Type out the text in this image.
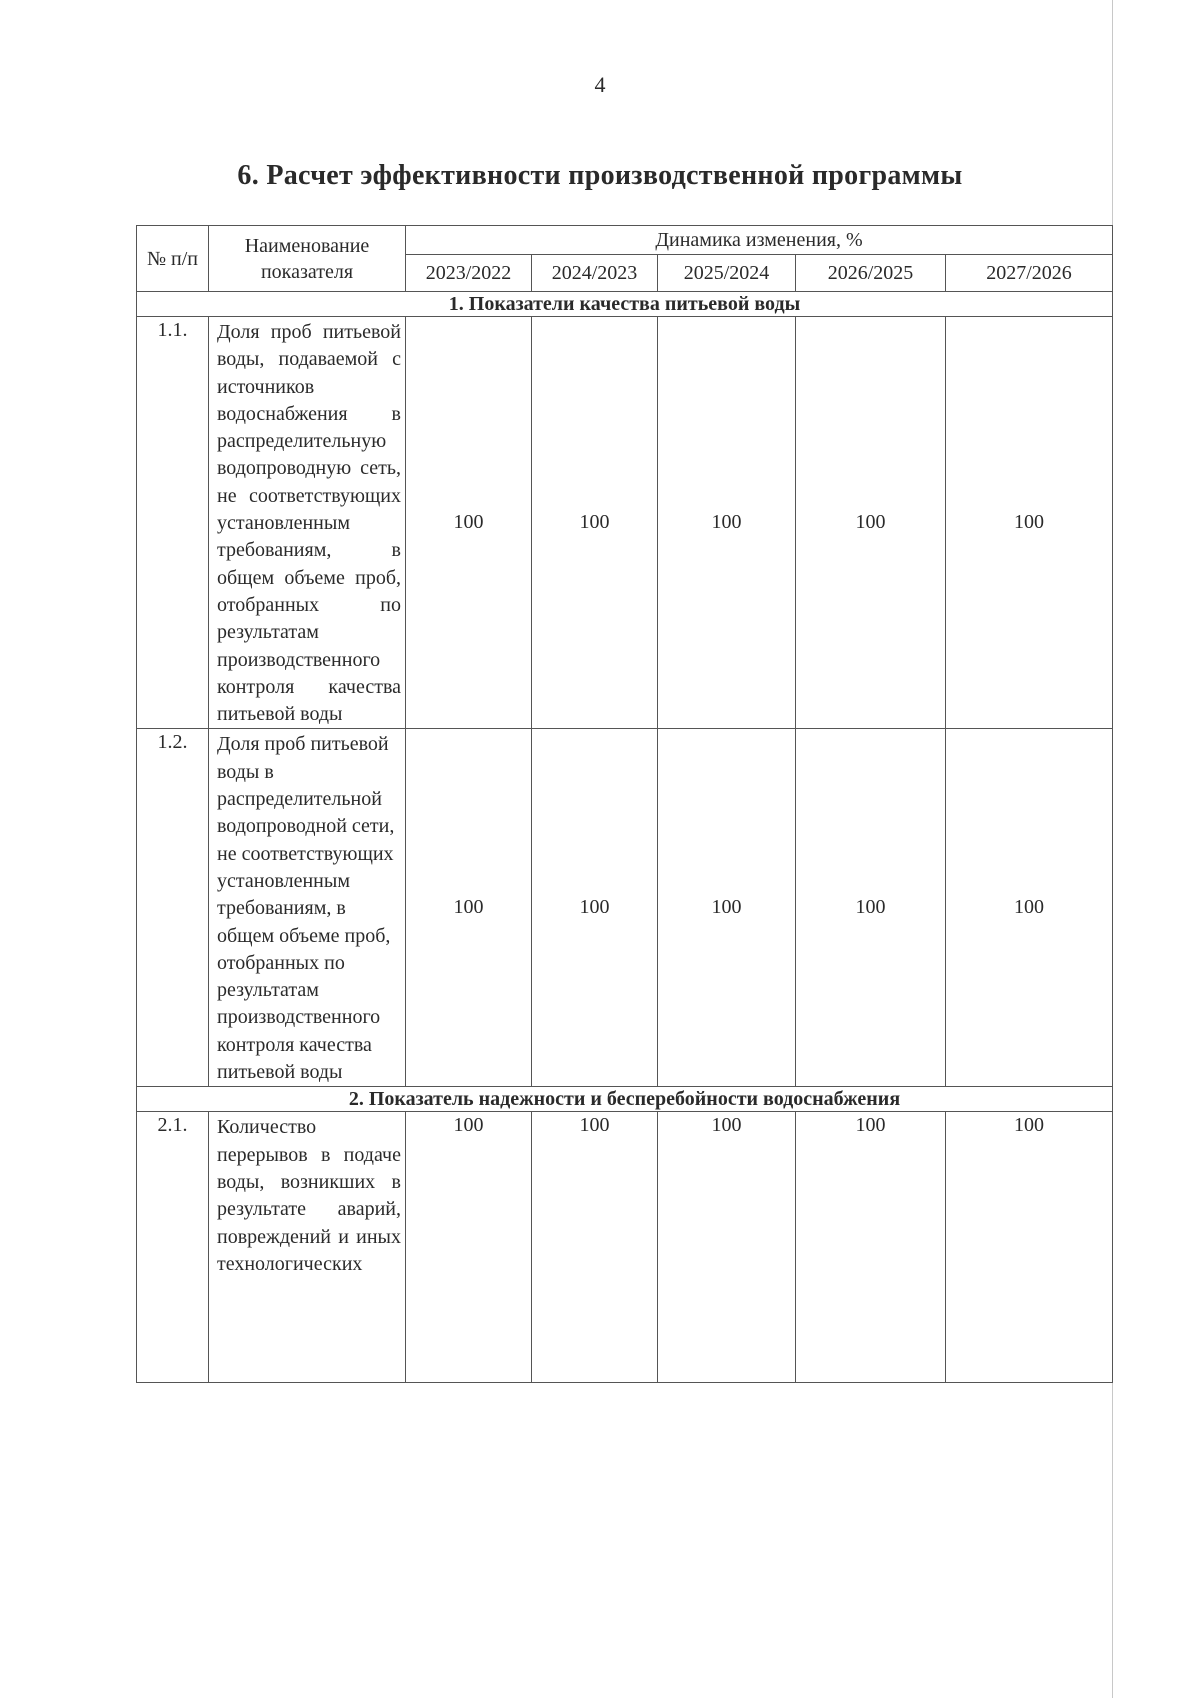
4
6. Расчет эффективности производственной программы
№ п/п	Наименование показателя	Динамика изменения, %				
		2023/2022	2024/2023	2025/2024	2026/2025	2027/2026
1. Показатели качества питьевой воды						
1.1.	Доля проб питьевой воды, подаваемой с источников водоснабжения в распределительную водопроводную сеть, не соответствующих установленным требованиям, в общем объеме проб, отобранных по результатам производственного контроля качества питьевой воды	100	100	100	100	100
1.2.	Доля проб питьевой воды в распределительной водопроводной сети, не соответствующих установленным требованиям, в общем объеме проб, отобранных по результатам производственного контроля качества питьевой воды	100	100	100	100	100
2. Показатель надежности и бесперебойности водоснабжения						
2.1.	Количество перерывов в подаче воды, возникших в результате аварий, повреждений и иных технологических	100	100	100	100	100
